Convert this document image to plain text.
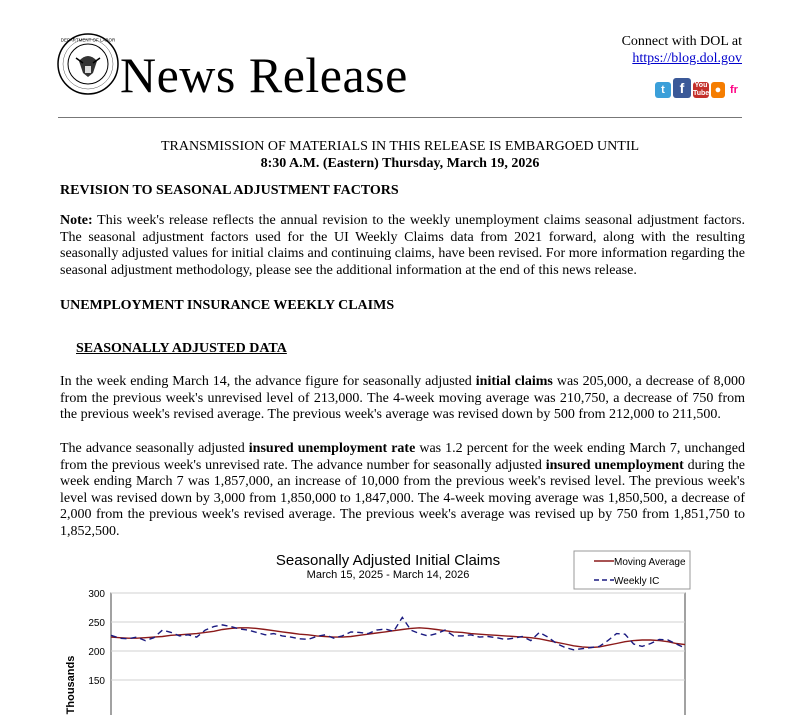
DEPARTMENT OF LABOR
News Release
Connect with DOL at
https://blog.dol.gov
t	f	You Tube ● fr
TRANSMISSION OF MATERIALS IN THIS RELEASE IS EMBARGOED UNTIL
8:30 A.M. (Eastern) Thursday, March 19, 2026
REVISION TO SEASONAL ADJUSTMENT FACTORS
Note: This week's release reflects the annual revision to the weekly unemployment claims seasonal adjustment factors. The seasonal adjustment factors used for the UI Weekly Claims data from 2021 forward, along with the resulting seasonally adjusted values for initial claims and continuing claims, have been revised. For more information regarding the seasonal adjustment methodology, please see the additional information at the end of this news release.
UNEMPLOYMENT INSURANCE WEEKLY CLAIMS
SEASONALLY ADJUSTED DATA
In the week ending March 14, the advance figure for seasonally adjusted initial claims was 205,000, a decrease of 8,000 from the previous week's unrevised level of 213,000. The 4-week moving average was 210,750, a decrease of 750 from the previous week's revised average. The previous week's average was revised down by 500 from 212,000 to 211,500.
The advance seasonally adjusted insured unemployment rate was 1.2 percent for the week ending March 7, unchanged from the previous week's unrevised rate. The advance number for seasonally adjusted insured unemployment during the week ending March 7 was 1,857,000, an increase of 10,000 from the previous week's revised level. The previous week's level was revised down by 3,000 from 1,850,000 to 1,847,000. The 4-week moving average was 1,850,500, a decrease of 2,000 from the previous week's revised average. The previous week's average was revised up by 750 from 1,851,750 to 1,852,500.
Seasonally Adjusted Initial Claims
March 15, 2025 - March 14, 2026
Moving Average
Weekly IC
150
200
250
300
Thousands
